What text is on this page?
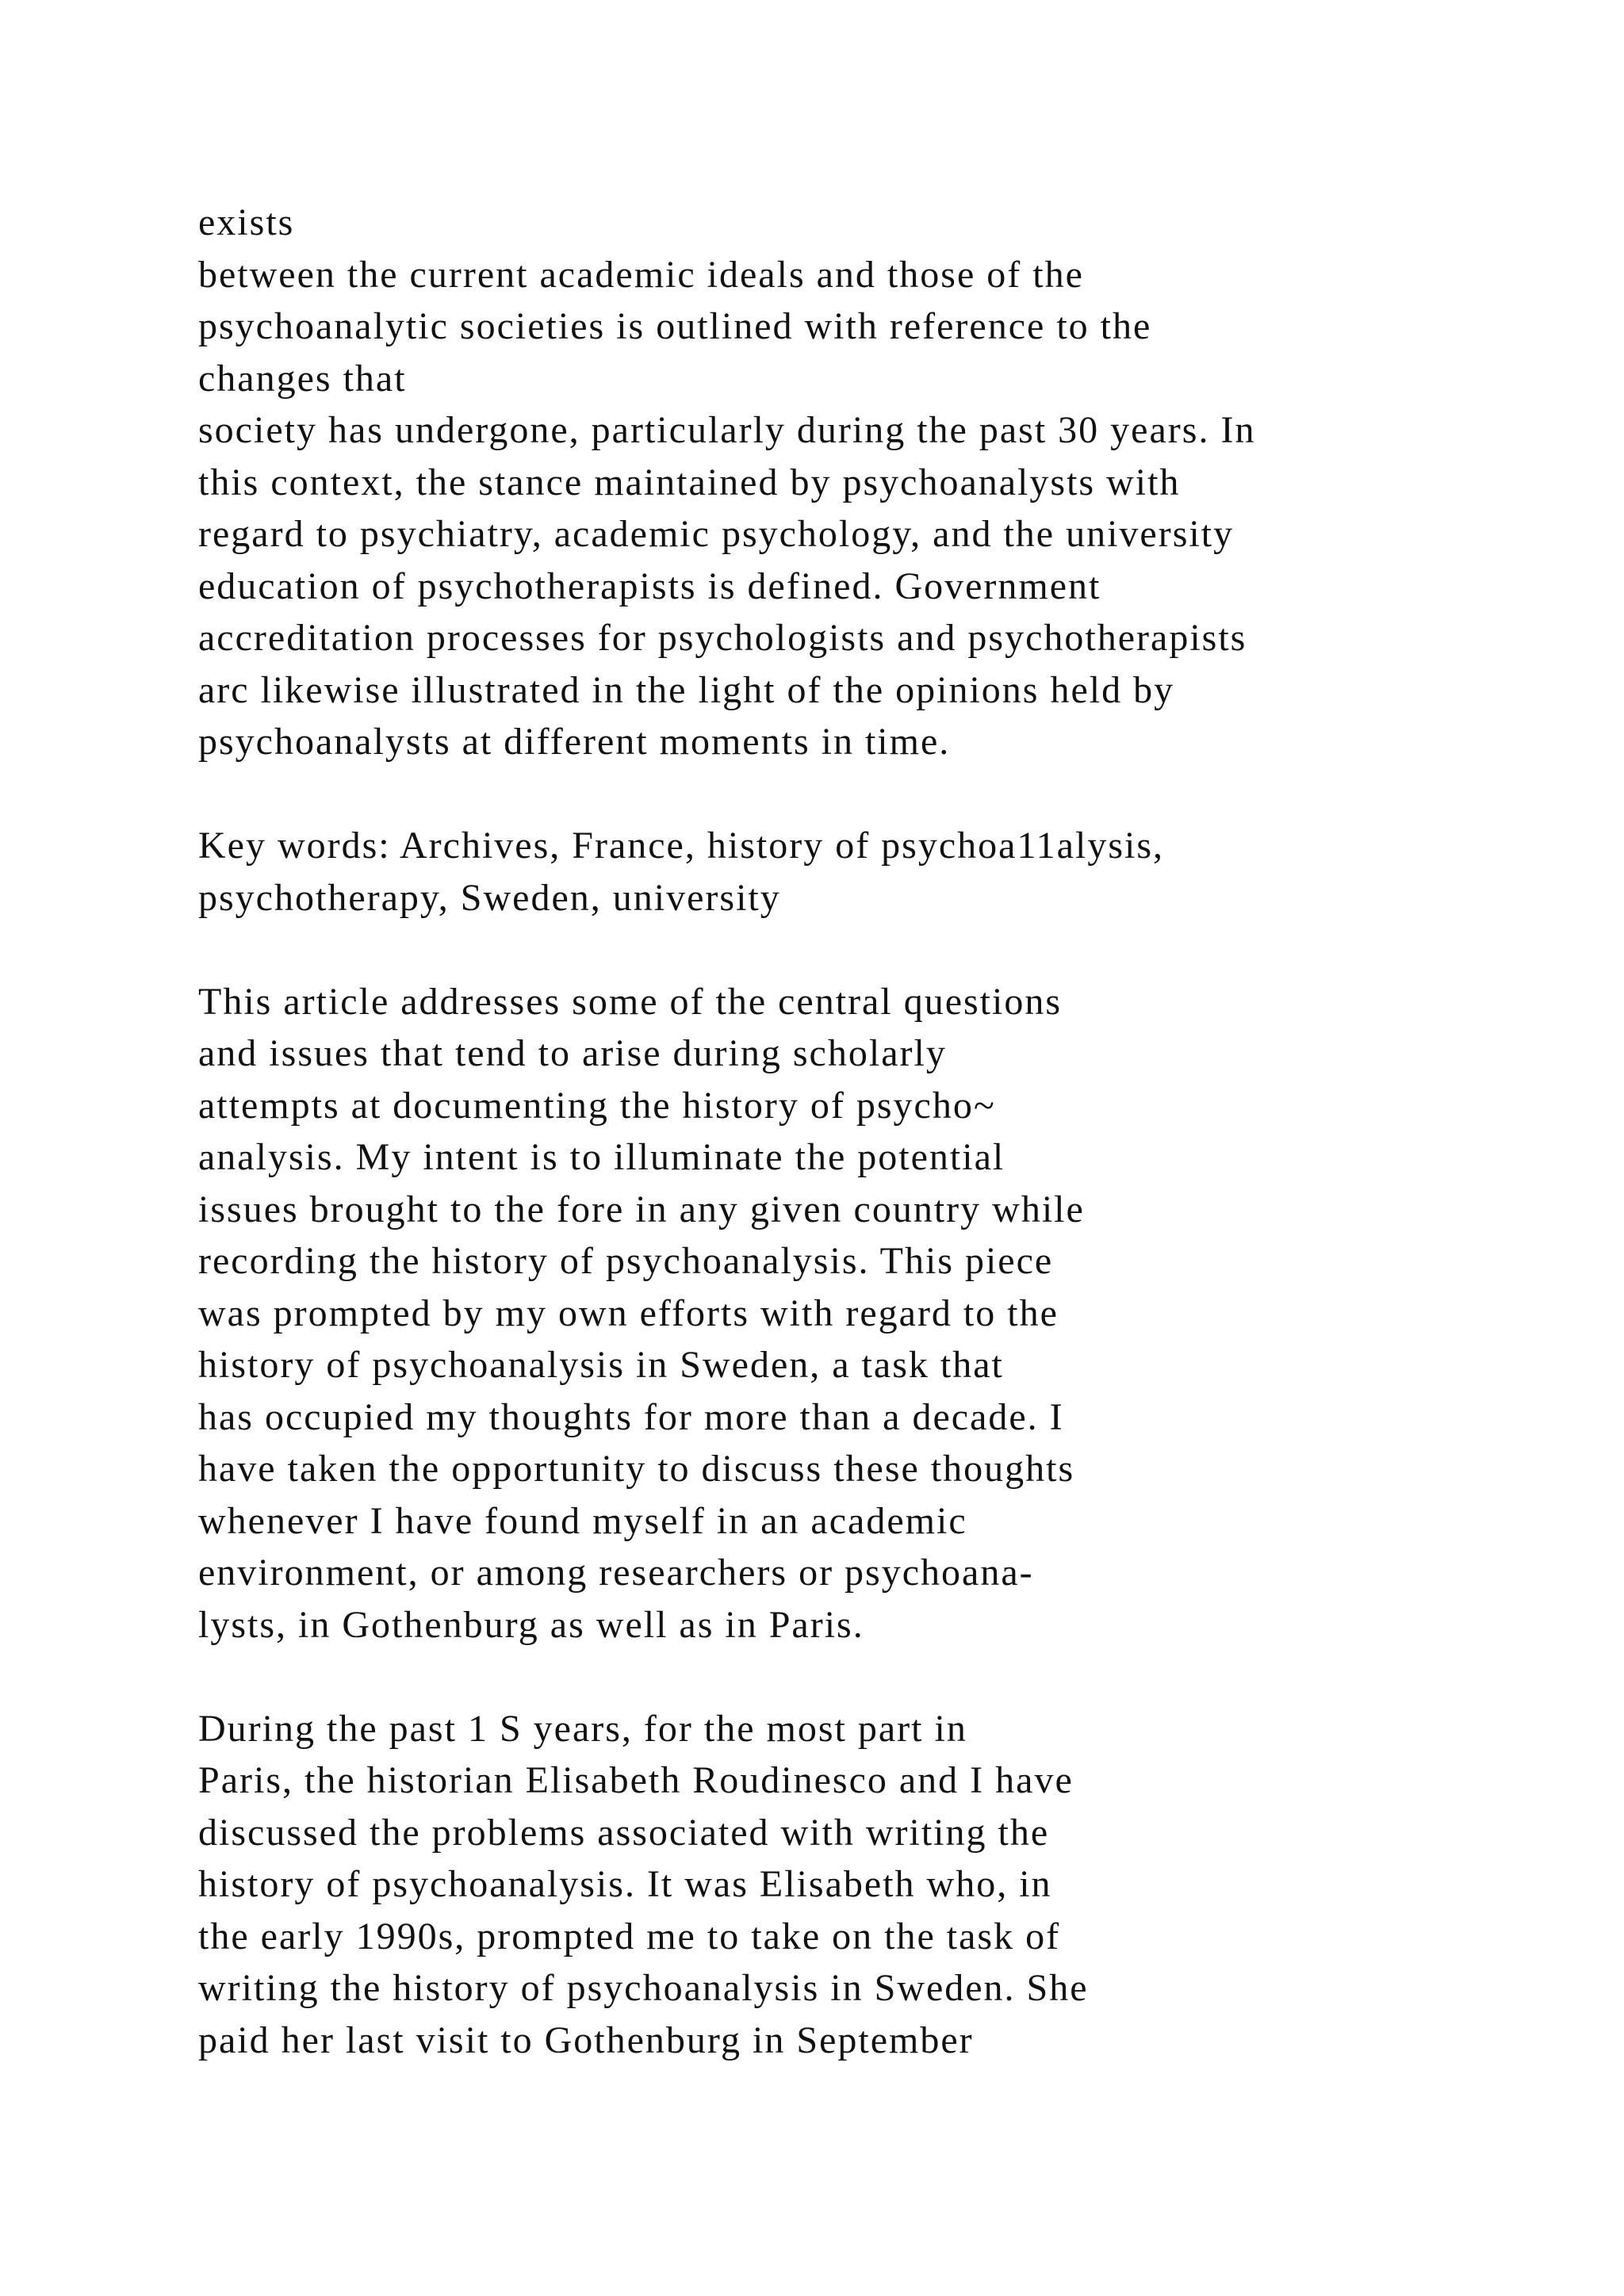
exists
between the current academic ideals and those of the
psychoanalytic societies is outlined with reference to the
changes that
society has undergone, particularly during the past 30 years. In
this context, the stance maintained by psychoanalysts with
regard to psychiatry, academic psychology, and the university
education of psychotherapists is defined. Government
accreditation processes for psychologists and psychotherapists
arc likewise illustrated in the light of the opinions held by
psychoanalysts at different moments in time.
Key words: Archives, France, history of psychoa11alysis,
psychotherapy, Sweden, university
This article addresses some of the central questions
and issues that tend to arise during scholarly
attempts at documenting the history of psycho~
analysis. My intent is to illuminate the potential
issues brought to the fore in any given country while
recording the history of psychoanalysis. This piece
was prompted by my own efforts with regard to the
history of psychoanalysis in Sweden, a task that
has occupied my thoughts for more than a decade. I
have taken the opportunity to discuss these thoughts
whenever I have found myself in an academic
environment, or among researchers or psychoana-
lysts, in Gothenburg as well as in Paris.
During the past 1 S years, for the most part in
Paris, the historian Elisabeth Roudinesco and I have
discussed the problems associated with writing the
history of psychoanalysis. It was Elisabeth who, in
the early 1990s, prompted me to take on the task of
writing the history of psychoanalysis in Sweden. She
paid her last visit to Gothenburg in September
